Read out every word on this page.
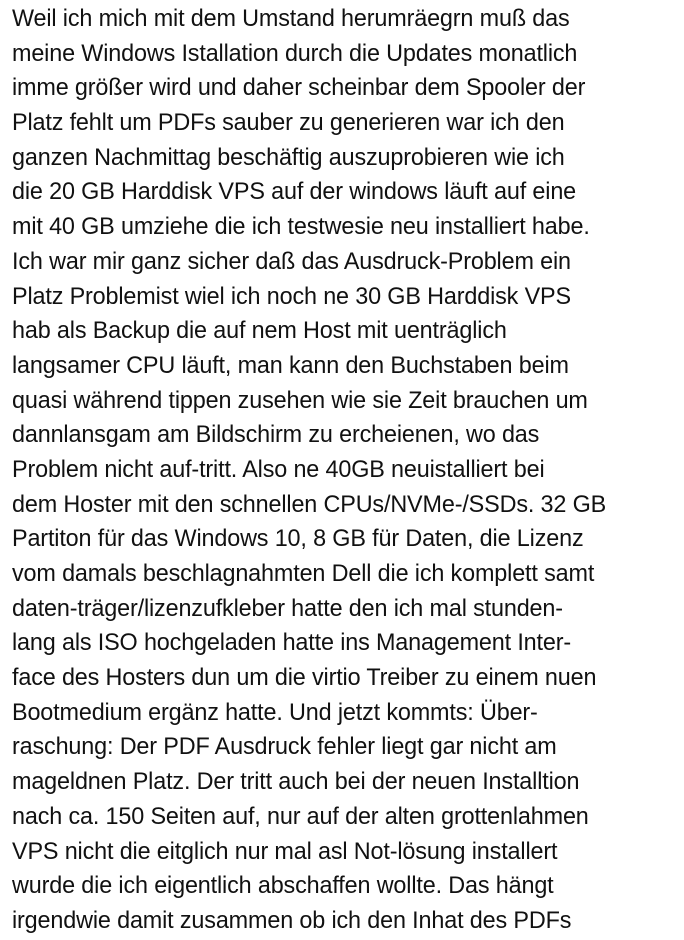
Weil ich mich mit dem Umstand herumräegrn muß das
meine Windows Istallation durch die Updates monatlich
imme größer wird und daher scheinbar dem Spooler der
Platz fehlt um PDFs sauber zu generieren war ich den
ganzen Nachmittag beschäftig auszuprobieren wie ich
die 20 GB Harddisk VPS auf der windows läuft auf eine
mit 40 GB umziehe die ich testwesie neu installiert habe.
Ich war mir ganz sicher daß das Ausdruck-Problem ein
Platz Problemist wiel ich noch ne 30 GB Harddisk VPS
hab als Backup die auf nem Host mit uenträglich
langsamer CPU läuft, man kann den Buchstaben beim
quasi während tippen zusehen wie sie Zeit brauchen um
dannlansgam am Bildschirm zu ercheienen, wo das
Problem nicht auf-tritt. Also ne 40GB neuistalliert bei
dem Hoster mit den schnellen CPUs/NVMe-/SSDs. 32 GB
Partiton für das Windows 10, 8 GB für Daten, die Lizenz
vom damals beschlagnahmten Dell die ich komplett samt
daten-träger/lizenzufkleber hatte den ich mal stunden-
lang als ISO hochgeladen hatte ins Management Inter-
face des Hosters dun um die virtio Treiber zu einem nuen
Bootmedium ergänz hatte. Und jetzt kommts: Über-
raschung: Der PDF Ausdruck fehler liegt gar nicht am
mageldnen Platz. Der tritt auch bei der neuen Installtion
nach ca. 150 Seiten auf, nur auf der alten grottenlahmen
VPS nicht die eitglich nur mal asl Not-lösung installert
wurde die ich eigentlich abschaffen wollte. Das hängt
irgendwie damit zusammen ob ich den Inhat des PDFs
